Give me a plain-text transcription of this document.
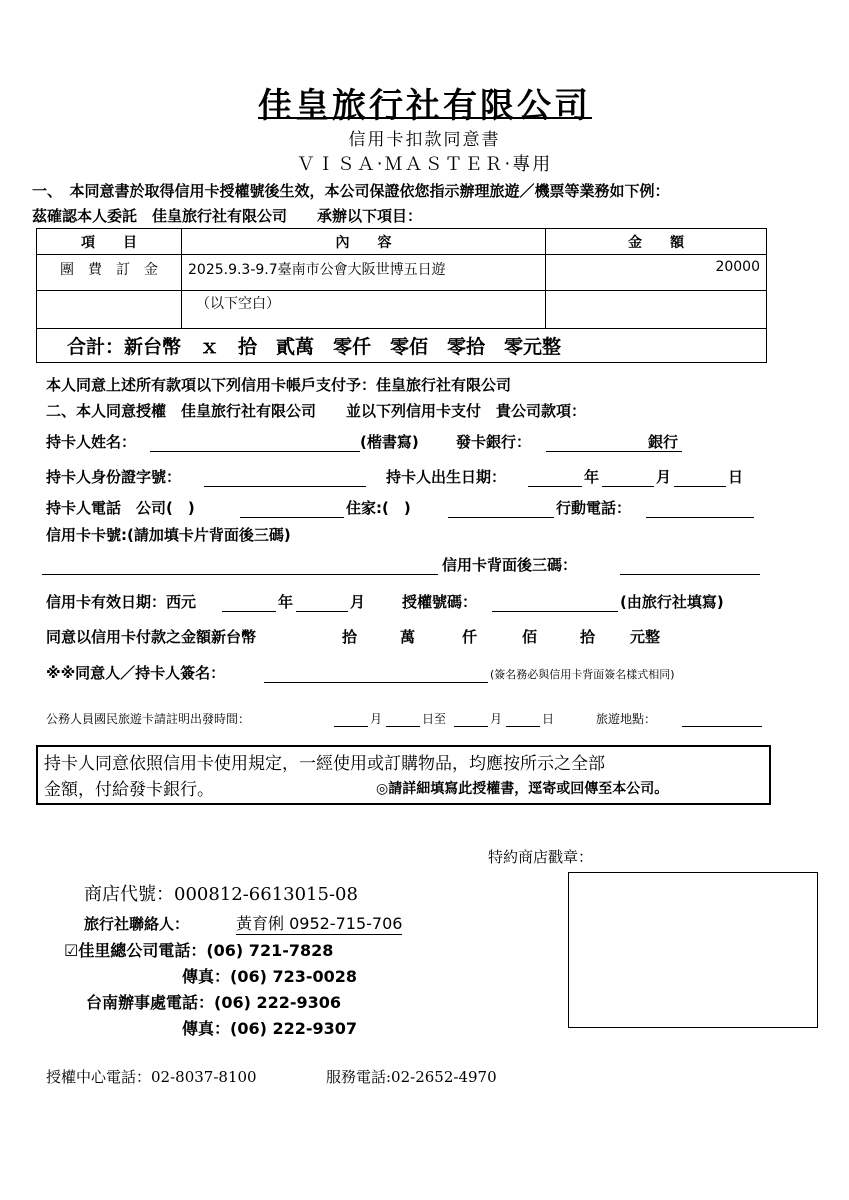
佳皇旅行社有限公司
信用卡扣款同意書
ＶＩＳＡ‧ＭＡＳＴＥＲ‧專用
一、　本同意書於取得信用卡授權號後生效，本公司保證依您指示辦理旅遊／機票等業務如下例：
茲確認本人委託　佳皇旅行社有限公司　　承辦以下項目：
項　　目	內　　容	金　　額
團　費　訂　金	2025.9.3-9.7臺南市公會大阪世博五日遊	20000
	（以下空白）	
合計：新台幣　ｘ　拾　貳萬　零仟　零佰　零拾　零元整		
本人同意上述所有款項以下列信用卡帳戶支付予：佳皇旅行社有限公司
二、本人同意授權　佳皇旅行社有限公司　　並以下列信用卡支付　貴公司款項：
持卡人姓名：	(楷書寫) 發卡銀行：	銀行
持卡人身份證字號：	持卡人出生日期：	年	月	日
持卡人電話　公司(　)	住家:(　)	行動電話：
信用卡卡號:(請加填卡片背面後三碼)
信用卡背面後三碼：
信用卡有效日期：西元	年	月 授權號碼：	(由旅行社填寫)
同意以信用卡付款之金額新台幣	拾	萬	仟	佰	拾 元整
※※同意人／持卡人簽名：	(簽名務必與信用卡背面簽名樣式相同)
公務人員國民旅遊卡請註明出發時間：	月	日至	月	日	旅遊地點：
持卡人同意依照信用卡使用規定，一經使用或訂購物品，均應按所示之全部
金額，付給發卡銀行。	◎請詳細填寫此授權書，逕寄或回傳至本公司。
特約商店戳章：
商店代號：000812-6613015-08
旅行社聯絡人：	黃育俐 0952-715-706
☑佳里總公司電話：(06) 721-7828
傳真：(06) 723-0028
台南辦事處電話：(06) 222-9306
傳真：(06) 222-9307
授權中心電話：02-8037-8100	服務電話:02-2652-4970
